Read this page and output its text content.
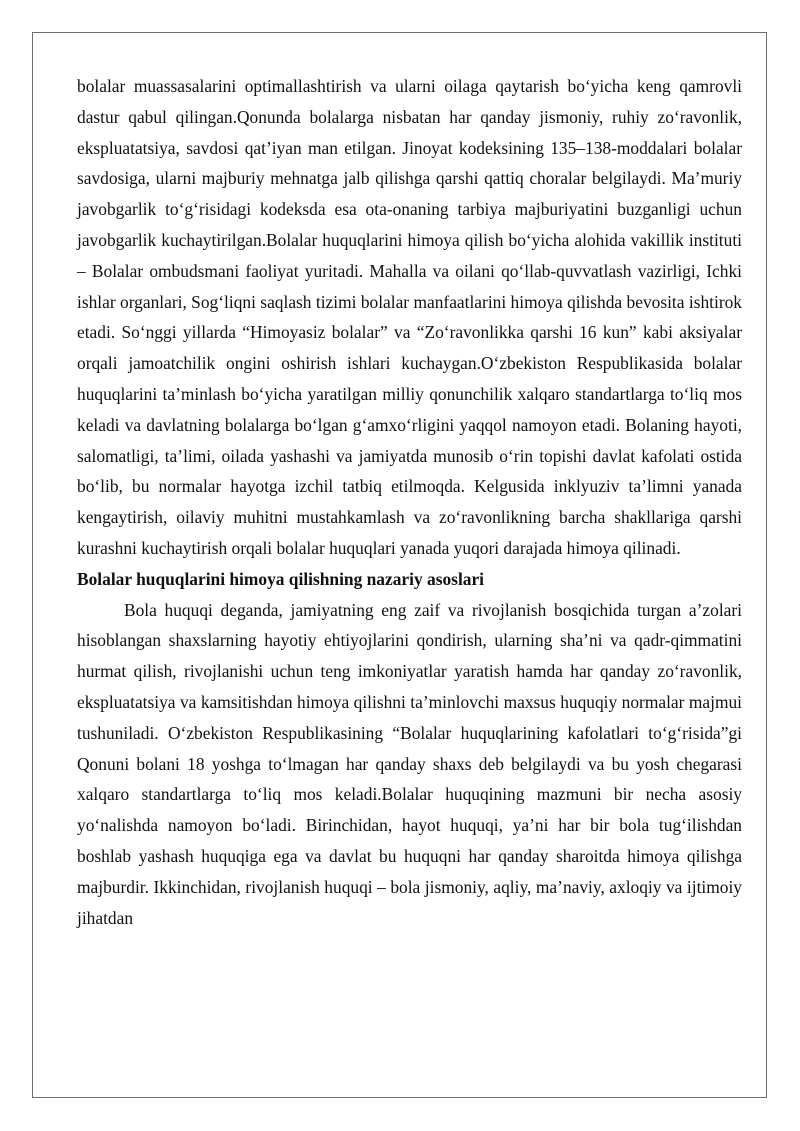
bolalar muassasalarini optimallashtirish va ularni oilaga qaytarish bo‘yicha keng qamrovli dastur qabul qilingan.Qonunda bolalarga nisbatan har qanday jismoniy, ruhiy zo‘ravonlik, ekspluatatsiya, savdosi qat’iyan man etilgan. Jinoyat kodeksining 135–138-moddalari bolalar savdosiga, ularni majburiy mehnatga jalb qilishga qarshi qattiq choralar belgilaydi. Ma’muriy javobgarlik to‘g‘risidagi kodeksda esa ota-onaning tarbiya majburiyatini buzganligi uchun javobgarlik kuchaytirilgan.Bolalar huquqlarini himoya qilish bo‘yicha alohida vakillik instituti – Bolalar ombudsmani faoliyat yuritadi. Mahalla va oilani qo‘llab-quvvatlash vazirligi, Ichki ishlar organlari, Sog‘liqni saqlash tizimi bolalar manfaatlarini himoya qilishda bevosita ishtirok etadi. So‘nggi yillarda “Himoyasiz bolalar” va “Zo‘ravonlikka qarshi 16 kun” kabi aksiyalar orqali jamoatchilik ongini oshirish ishlari kuchaygan.O‘zbekiston Respublikasida bolalar huquqlarini ta’minlash bo‘yicha yaratilgan milliy qonunchilik xalqaro standartlarga to‘liq mos keladi va davlatning bolalarga bo‘lgan g‘amxo‘rligini yaqqol namoyon etadi. Bolaning hayoti, salomatligi, ta’limi, oilada yashashi va jamiyatda munosib o‘rin topishi davlat kafolati ostida bo‘lib, bu normalar hayotga izchil tatbiq etilmoqda. Kelgusida inklyuziv ta’limni yanada kengaytirish, oilaviy muhitni mustahkamlash va zo‘ravonlikning barcha shakllariga qarshi kurashni kuchaytirish orqali bolalar huquqlari yanada yuqori darajada himoya qilinadi.

Bolalar huquqlarini himoya qilishning nazariy asoslari

Bola huquqi deganda, jamiyatning eng zaif va rivojlanish bosqichida turgan a’zolari hisoblangan shaxslarning hayotiy ehtiyojlarini qondirish, ularning sha’ni va qadr-qimmatini hurmat qilish, rivojlanishi uchun teng imkoniyatlar yaratish hamda har qanday zo‘ravonlik, ekspluatatsiya va kamsitishdan himoya qilishni ta’minlovchi maxsus huquqiy normalar majmui tushuniladi. O‘zbekiston Respublikasining “Bolalar huquqlarining kafolatlari to‘g‘risida”gi Qonuni bolani 18 yoshga to‘lmagan har qanday shaxs deb belgilaydi va bu yosh chegarasi xalqaro standartlarga to‘liq mos keladi.Bolalar huquqining mazmuni bir necha asosiy yo‘nalishda namoyon bo‘ladi. Birinchidan, hayot huquqi, ya’ni har bir bola tug‘ilishdan boshlab yashash huquqiga ega va davlat bu huquqni har qanday sharoitda himoya qilishga majburdir. Ikkinchidan, rivojlanish huquqi – bola jismoniy, aqliy, ma’naviy, axloqiy va ijtimoiy jihatdan
